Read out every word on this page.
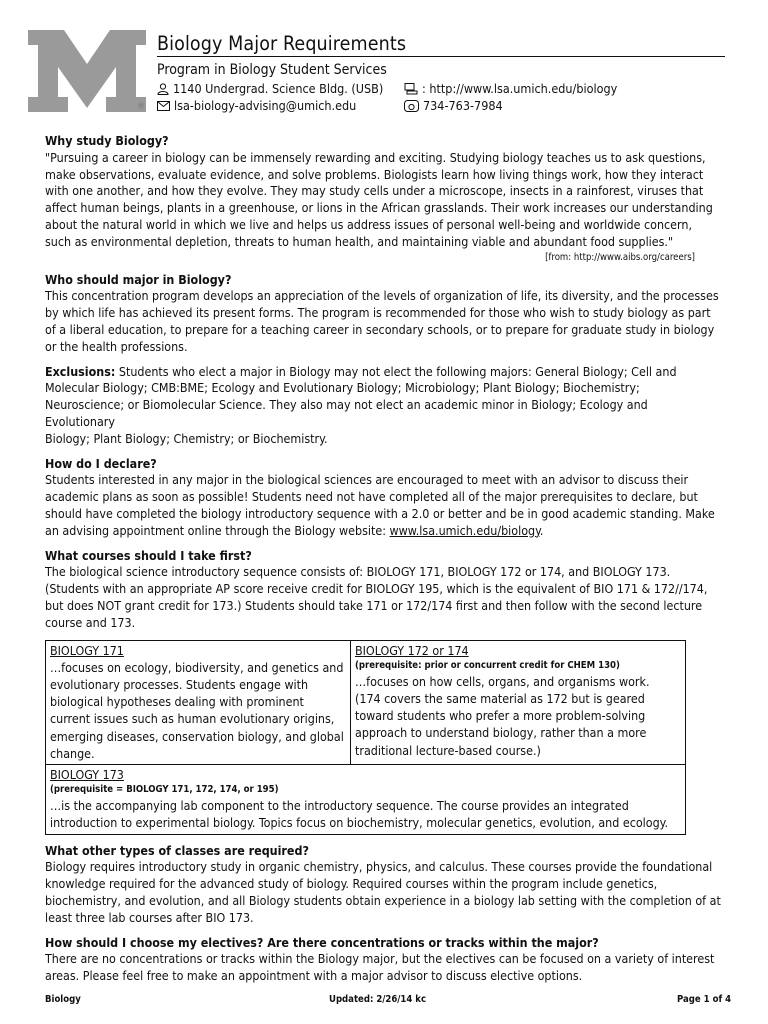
®
Biology Major Requirements
Program in Biology Student Services
1140 Undergrad. Science Bldg. (USB)
lsa-biology-advising@umich.edu
: http://www.lsa.umich.edu/biology
734-763-7984

Why study Biology?

"Pursuing a career in biology can be immensely rewarding and exciting. Studying biology teaches us to ask questions,

make observations, evaluate evidence, and solve problems. Biologists learn how living things work, how they interact

with one another, and how they evolve. They may study cells under a microscope, insects in a rainforest, viruses that

affect human beings, plants in a greenhouse, or lions in the African grasslands. Their work increases our understanding

about the natural world in which we live and helps us address issues of personal well-being and worldwide concern,

such as environmental depletion, threats to human health, and maintaining viable and abundant food supplies."

[from: http://www.aibs.org/careers]

Who should major in Biology?

This concentration program develops an appreciation of the levels of organization of life, its diversity, and the processes

by which life has achieved its present forms. The program is recommended for those who wish to study biology as part

of a liberal education, to prepare for a teaching career in secondary schools, or to prepare for graduate study in biology

or the health professions.

Exclusions: Students who elect a major in Biology may not elect the following majors: General Biology; Cell and

Molecular Biology; CMB:BME; Ecology and Evolutionary Biology; Microbiology; Plant Biology; Biochemistry;

Neuroscience; or Biomolecular Science. They also may not elect an academic minor in Biology; Ecology and Evolutionary

Biology; Plant Biology; Chemistry; or Biochemistry.

How do I declare?

Students interested in any major in the biological sciences are encouraged to meet with an advisor to discuss their

academic plans as soon as possible! Students need not have completed all of the major prerequisites to declare, but

should have completed the biology introductory sequence with a 2.0 or better and be in good academic standing. Make

an advising appointment online through the Biology website: www.lsa.umich.edu/biology.

What courses should I take first?

The biological science introductory sequence consists of: BIOLOGY 171, BIOLOGY 172 or 174, and BIOLOGY 173.

(Students with an appropriate AP score receive credit for BIOLOGY 195, which is the equivalent of BIO 171 & 172//174,

but does NOT grant credit for 173.) Students should take 171 or 172/174 first and then follow with the second lecture

course and 173.

BIOLOGY 171
…focuses on ecology, biodiversity, and genetics and
evolutionary processes. Students engage with
biological hypotheses dealing with prominent
current issues such as human evolutionary origins,
emerging diseases, conservation biology, and global
change.

BIOLOGY 172 or 174
(prerequisite: prior or concurrent credit for CHEM 130)
…focuses on how cells, organs, and organisms work.
(174 covers the same material as 172 but is geared
toward students who prefer a more problem-solving
approach to understand biology, rather than a more
traditional lecture-based course.)

BIOLOGY 173
(prerequisite = BIOLOGY 171, 172, 174, or 195)
…is the accompanying lab component to the introductory sequence. The course provides an integrated
introduction to experimental biology. Topics focus on biochemistry, molecular genetics, evolution, and ecology.

What other types of classes are required?

Biology requires introductory study in organic chemistry, physics, and calculus. These courses provide the foundational

knowledge required for the advanced study of biology. Required courses within the program include genetics,

biochemistry, and evolution, and all Biology students obtain experience in a biology lab setting with the completion of at

least three lab courses after BIO 173.

How should I choose my electives? Are there concentrations or tracks within the major?

There are no concentrations or tracks within the Biology major, but the electives can be focused on a variety of interest

areas. Please feel free to make an appointment with a major advisor to discuss elective options.

Biology	Updated: 2/26/14 kc	Page 1 of 4
